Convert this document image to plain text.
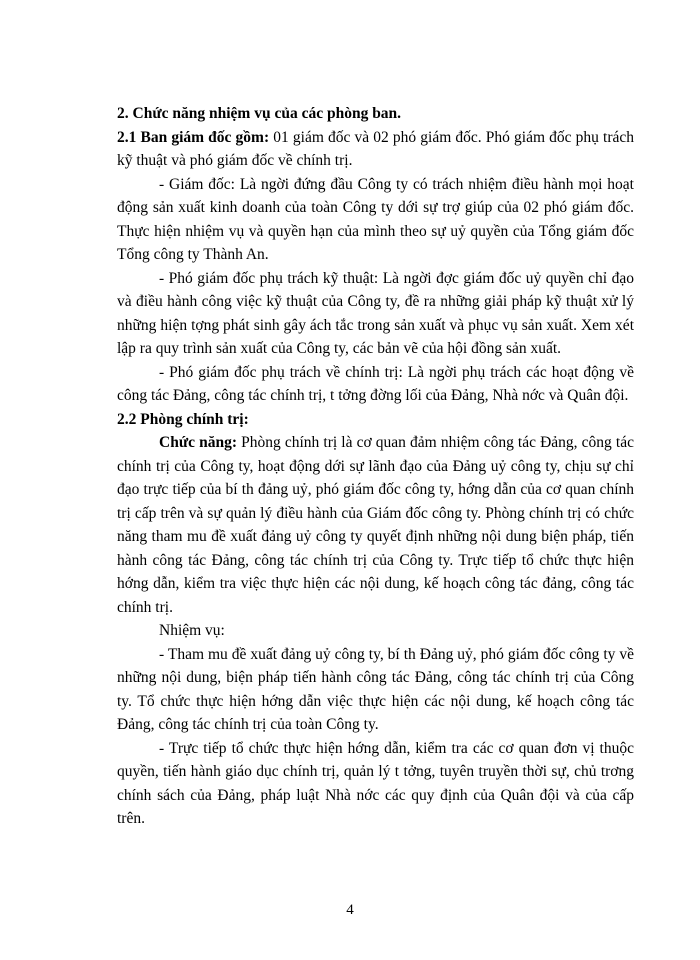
2. Chức năng nhiệm vụ của các phòng ban.

2.1 Ban giám đốc gồm: 01 giám đốc và 02 phó giám đốc. Phó giám đốc phụ trách kỹ thuật và phó giám đốc về chính trị.

- Giám đốc: Là ngời đứng đầu Công ty có trách nhiệm điều hành mọi hoạt động sản xuất kinh doanh của toàn Công ty dới sự trợ giúp của 02 phó giám đốc. Thực hiện nhiệm vụ và quyền hạn của mình theo sự uỷ quyền của Tổng giám đốc Tổng công ty Thành An.

- Phó giám đốc phụ trách kỹ thuật: Là ngời đợc giám đốc uỷ quyền chỉ đạo và điều hành công việc kỹ thuật của Công ty, đề ra những giải pháp kỹ thuật xử lý những hiện tợng phát sinh gây ách tắc trong sản xuất và phục vụ sản xuất. Xem xét lập ra quy trình sản xuất của Công ty, các bản vẽ của hội đồng sản xuất.

- Phó giám đốc phụ trách về chính trị: Là ngời phụ trách các hoạt động về công tác Đảng, công tác chính trị, t tởng đờng lối của Đảng, Nhà nớc và Quân đội.

2.2 Phòng chính trị:

Chức năng: Phòng chính trị là cơ quan đảm nhiệm công tác Đảng, công tác chính trị của Công ty, hoạt động dới sự lãnh đạo của Đảng uỷ công ty, chịu sự chỉ đạo trực tiếp của bí th đảng uỷ, phó giám đốc công ty, hớng dẫn của cơ quan chính trị cấp trên và sự quản lý điều hành của Giám đốc công ty. Phòng chính trị có chức năng tham mu đề xuất đảng uỷ công ty quyết định những nội dung biện pháp, tiến hành công tác Đảng, công tác chính trị của Công ty. Trực tiếp tổ chức thực hiện hớng dẫn, kiểm tra việc thực hiện các nội dung, kế hoạch công tác đảng, công tác chính trị.

Nhiệm vụ:

- Tham mu đề xuất đảng uỷ công ty, bí th Đảng uỷ, phó giám đốc công ty về những nội dung, biện pháp tiến hành công tác Đảng, công tác chính trị của Công ty. Tổ chức thực hiện hớng dẫn việc thực hiện các nội dung, kế hoạch công tác Đảng, công tác chính trị của toàn Công ty.

- Trực tiếp tổ chức thực hiện hớng dẫn, kiểm tra các cơ quan đơn vị thuộc quyền, tiến hành giáo dục chính trị, quản lý t tởng, tuyên truyền thời sự, chủ trơng chính sách của Đảng, pháp luật Nhà nớc các quy định của Quân đội và của cấp trên.

4
